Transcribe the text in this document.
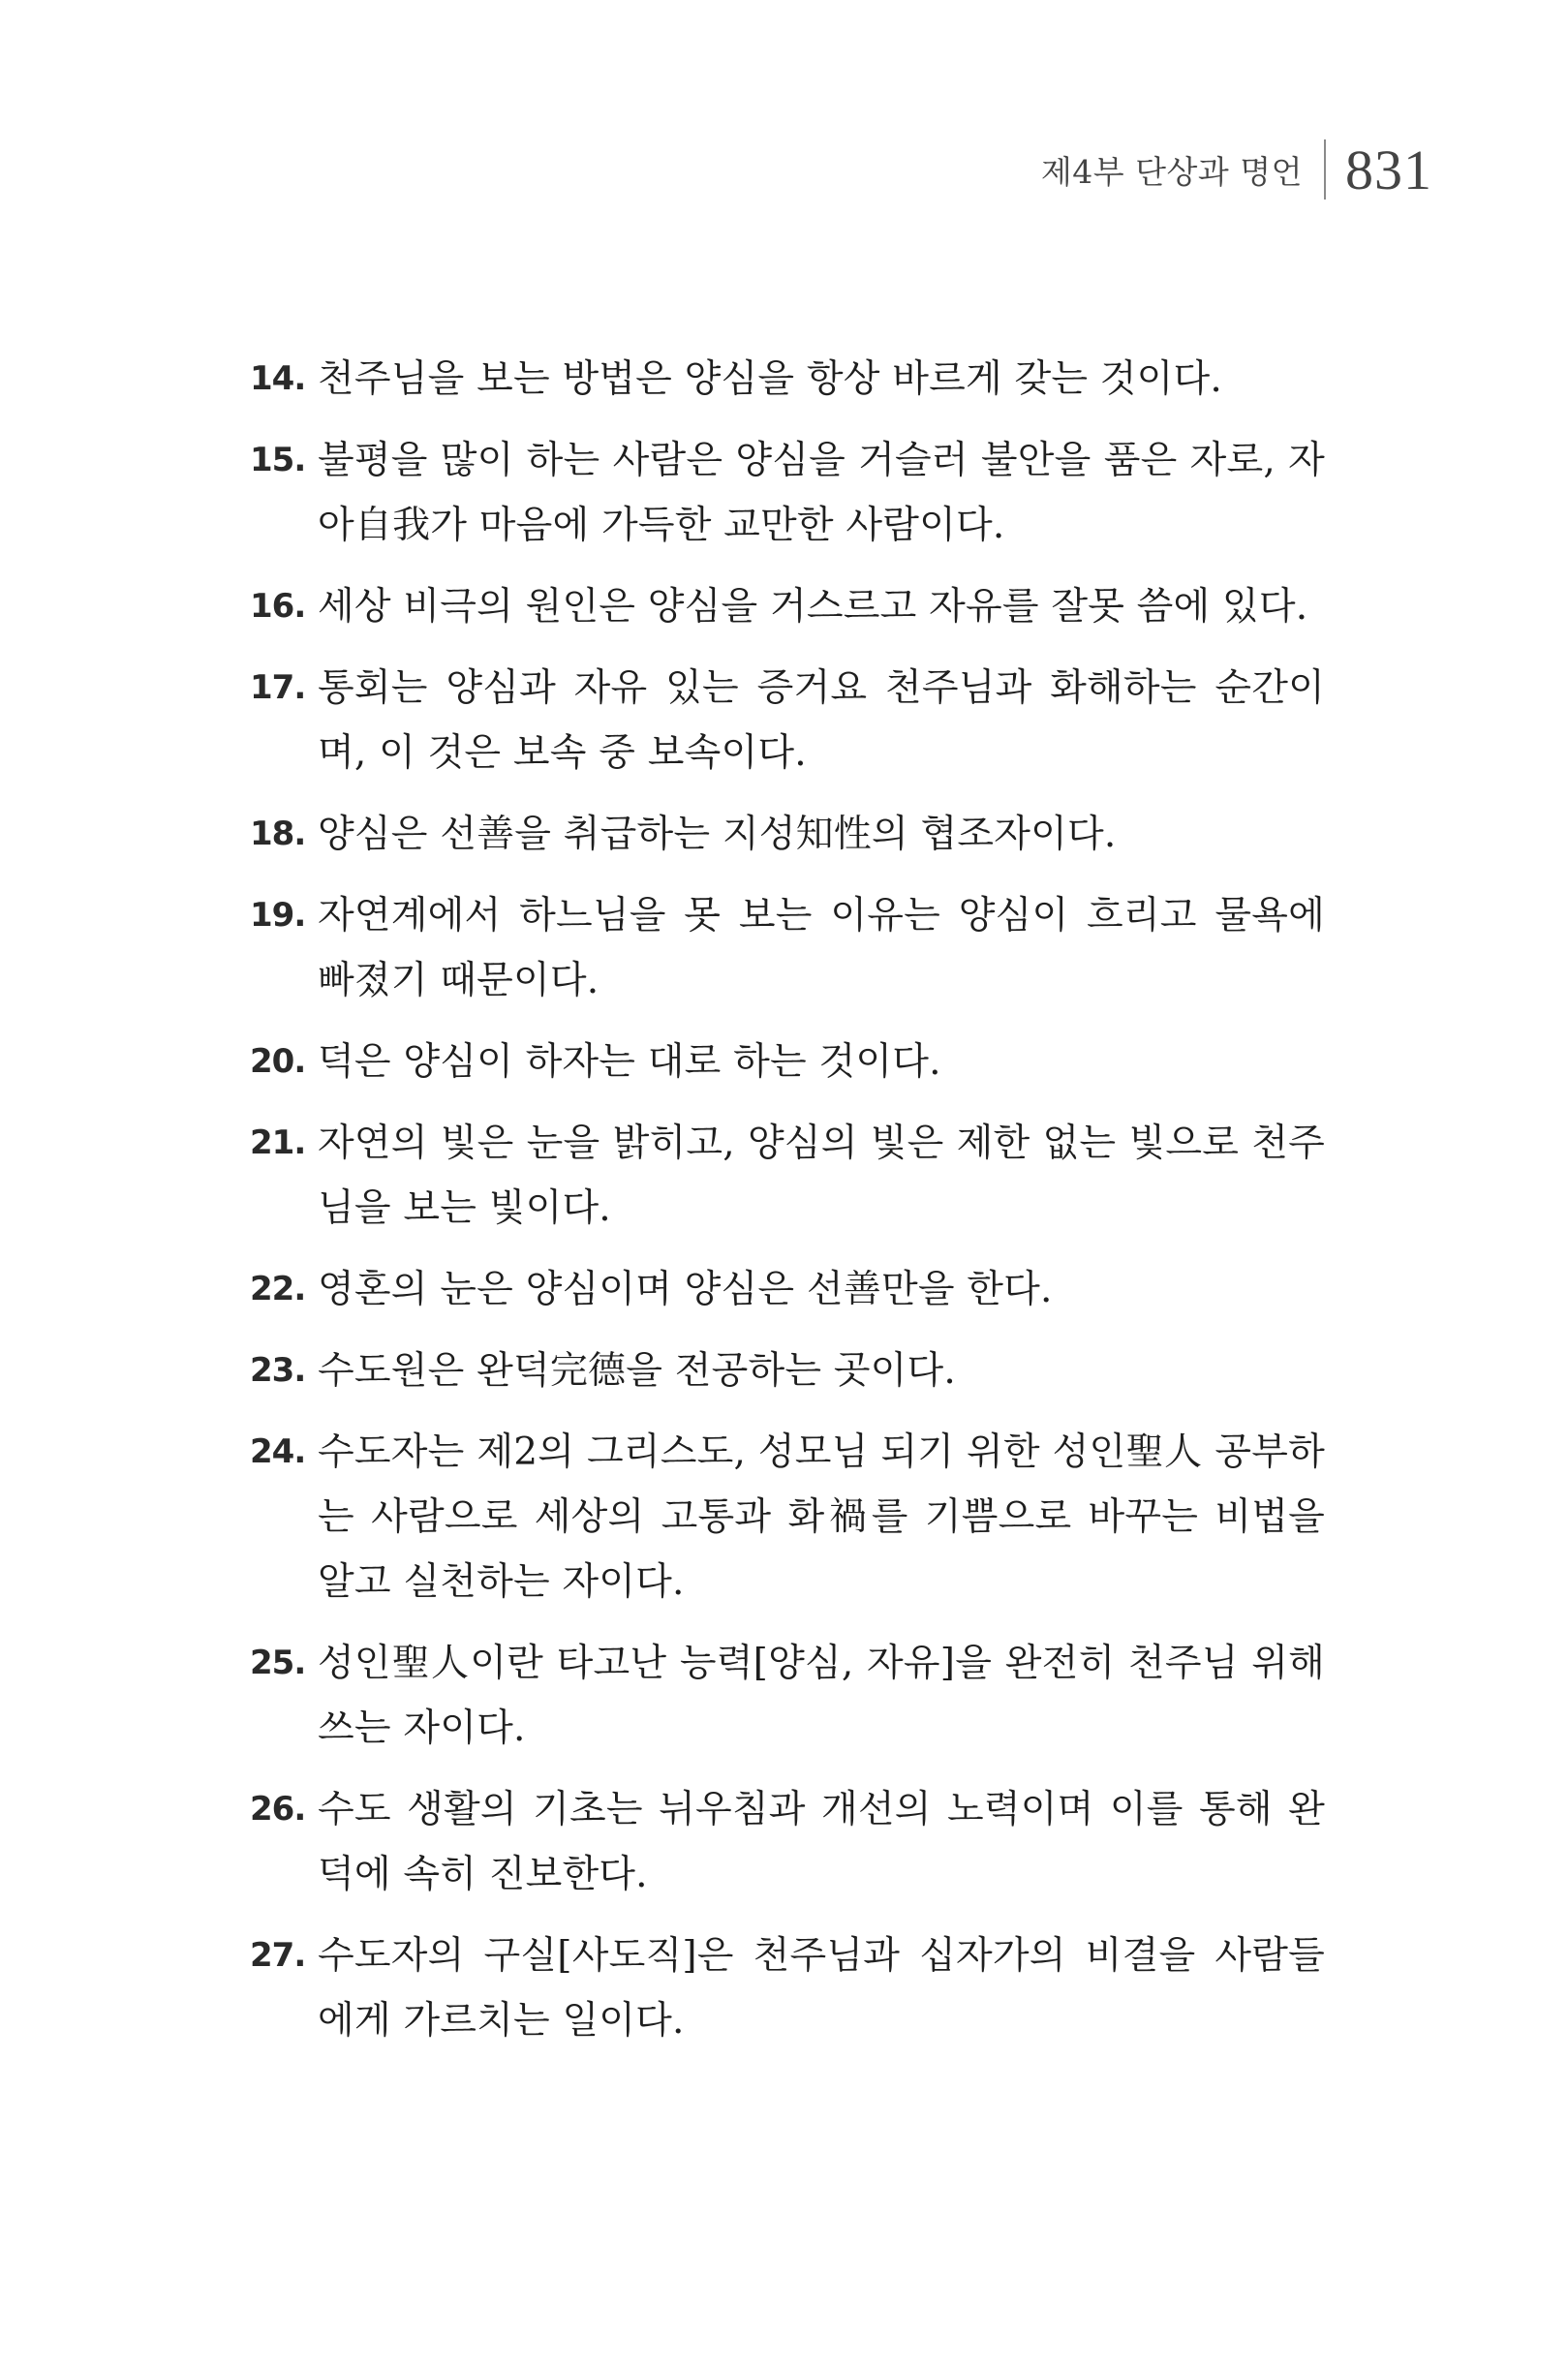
제4부 단상과 명언 831
14. 천주님을 보는 방법은 양심을 항상 바르게 갖는 것이다.
15. 불평을 많이 하는 사람은 양심을 거슬러 불안을 품은 자로, 자아自我가 마음에 가득한 교만한 사람이다.
16. 세상 비극의 원인은 양심을 거스르고 자유를 잘못 씀에 있다.
17. 통회는 양심과 자유 있는 증거요 천주님과 화해하는 순간이며, 이 것은 보속 중 보속이다.
18. 양심은 선善을 취급하는 지성知性의 협조자이다.
19. 자연계에서 하느님을 못 보는 이유는 양심이 흐리고 물욕에 빠졌기 때문이다.
20. 덕은 양심이 하자는 대로 하는 것이다.
21. 자연의 빛은 눈을 밝히고, 양심의 빛은 제한 없는 빛으로 천주님을 보는 빛이다.
22. 영혼의 눈은 양심이며 양심은 선善만을 한다.
23. 수도원은 완덕完德을 전공하는 곳이다.
24. 수도자는 제2의 그리스도, 성모님 되기 위한 성인聖人 공부하는 사람으로 세상의 고통과 화禍를 기쁨으로 바꾸는 비법을 알고 실천하는 자이다.
25. 성인聖人이란 타고난 능력[양심, 자유]을 완전히 천주님 위해 쓰는 자이다.
26. 수도 생활의 기초는 뉘우침과 개선의 노력이며 이를 통해 완덕에 속히 진보한다.
27. 수도자의 구실[사도직]은 천주님과 십자가의 비결을 사람들에게 가르치는 일이다.
